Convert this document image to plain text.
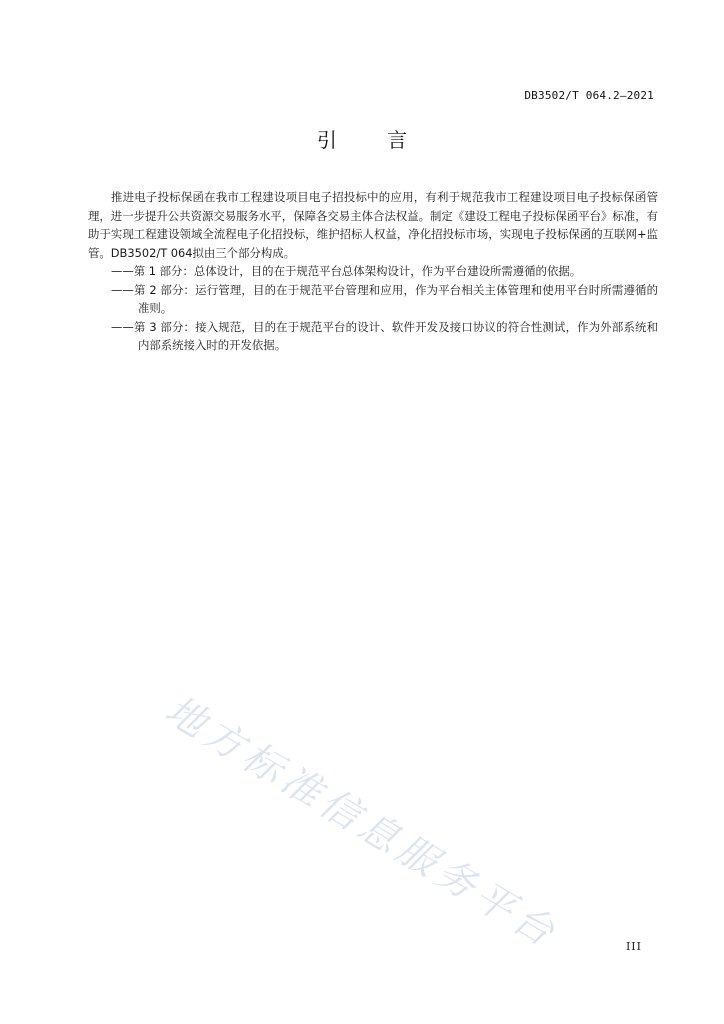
DB3502/T 064.2—2021
引 言

推进电子投标保函在我市工程建设项目电子招投标中的应用，有利于规范我市工程建设项目电子投标保函管理，进一步提升公共资源交易服务水平，保障各交易主体合法权益。制定《建设工程电子投标保函平台》标准，有助于实现工程建设领域全流程电子化招投标，维护招标人权益，净化招投标市场，实现电子投标保函的互联网+监管。DB3502/T 064拟由三个部分构成。

——第 1 部分：总体设计，目的在于规范平台总体架构设计，作为平台建设所需遵循的依据。

——第 2 部分：运行管理，目的在于规范平台管理和应用，作为平台相关主体管理和使用平台时所需遵循的准则。

——第 3 部分：接入规范，目的在于规范平台的设计、软件开发及接口协议的符合性测试，作为外部系统和内部系统接入时的开发依据。

地方标准信息服务平台	III
